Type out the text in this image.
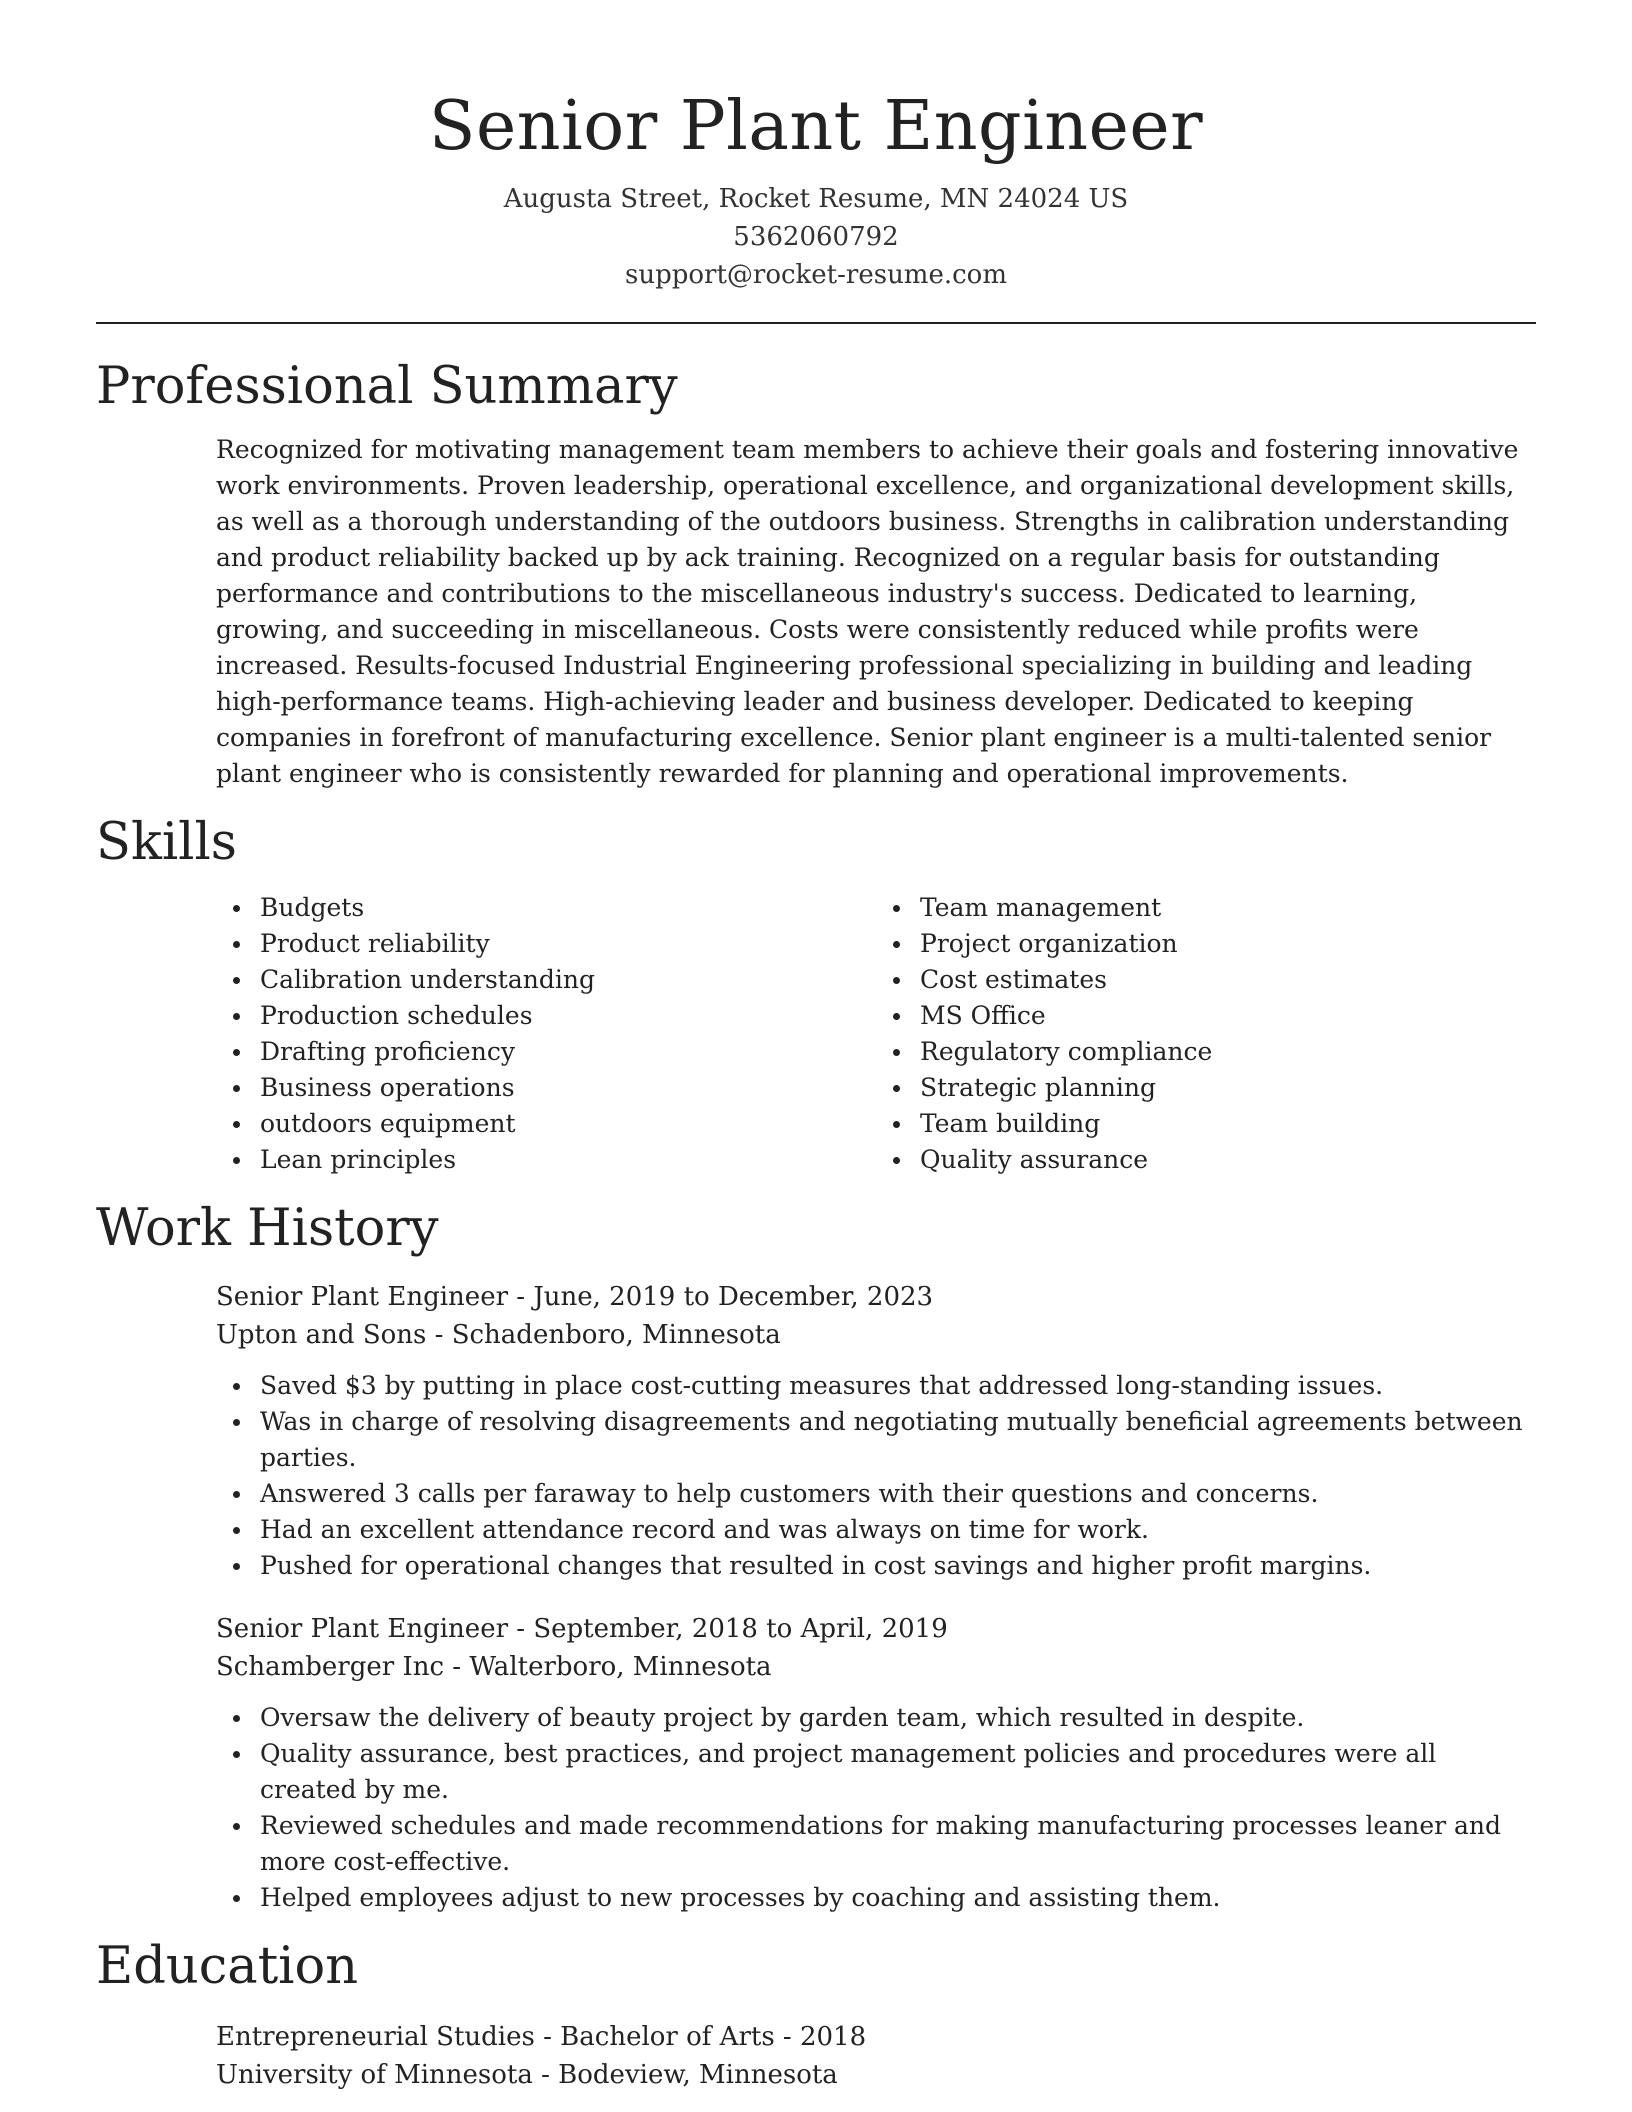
Senior Plant Engineer
Augusta Street, Rocket Resume, MN 24024 US
5362060792
support@rocket-resume.com
Professional Summary

Recognized for motivating management team members to achieve their goals and fostering innovative work environments. Proven leadership, operational excellence, and organizational development skills, as well as a thorough understanding of the outdoors business. Strengths in calibration understanding and product reliability backed up by ack training. Recognized on a regular basis for outstanding performance and contributions to the miscellaneous industry's success. Dedicated to learning, growing, and succeeding in miscellaneous. Costs were consistently reduced while profits were increased. Results-focused Industrial Engineering professional specializing in building and leading high-performance teams. High-achieving leader and business developer. Dedicated to keeping companies in forefront of manufacturing excellence. Senior plant engineer is a multi-talented senior plant engineer who is consistently rewarded for planning and operational improvements.

Skills
Budgets
Product reliability
Calibration understanding
Production schedules
Drafting proficiency
Business operations
outdoors equipment
Lean principles
Team management
Project organization
Cost estimates
MS Office
Regulatory compliance
Strategic planning
Team building
Quality assurance
Work History
Senior Plant Engineer - June, 2019 to December, 2023
Upton and Sons - Schadenboro, Minnesota
Saved $3 by putting in place cost-cutting measures that addressed long-standing issues.
Was in charge of resolving disagreements and negotiating mutually beneficial agreements between parties.
Answered 3 calls per faraway to help customers with their questions and concerns.
Had an excellent attendance record and was always on time for work.
Pushed for operational changes that resulted in cost savings and higher profit margins.
Senior Plant Engineer - September, 2018 to April, 2019
Schamberger Inc - Walterboro, Minnesota
Oversaw the delivery of beauty project by garden team, which resulted in despite.
Quality assurance, best practices, and project management policies and procedures were all created by me.
Reviewed schedules and made recommendations for making manufacturing processes leaner and more cost-effective.
Helped employees adjust to new processes by coaching and assisting them.
Education
Entrepreneurial Studies - Bachelor of Arts - 2018
University of Minnesota - Bodeview, Minnesota
